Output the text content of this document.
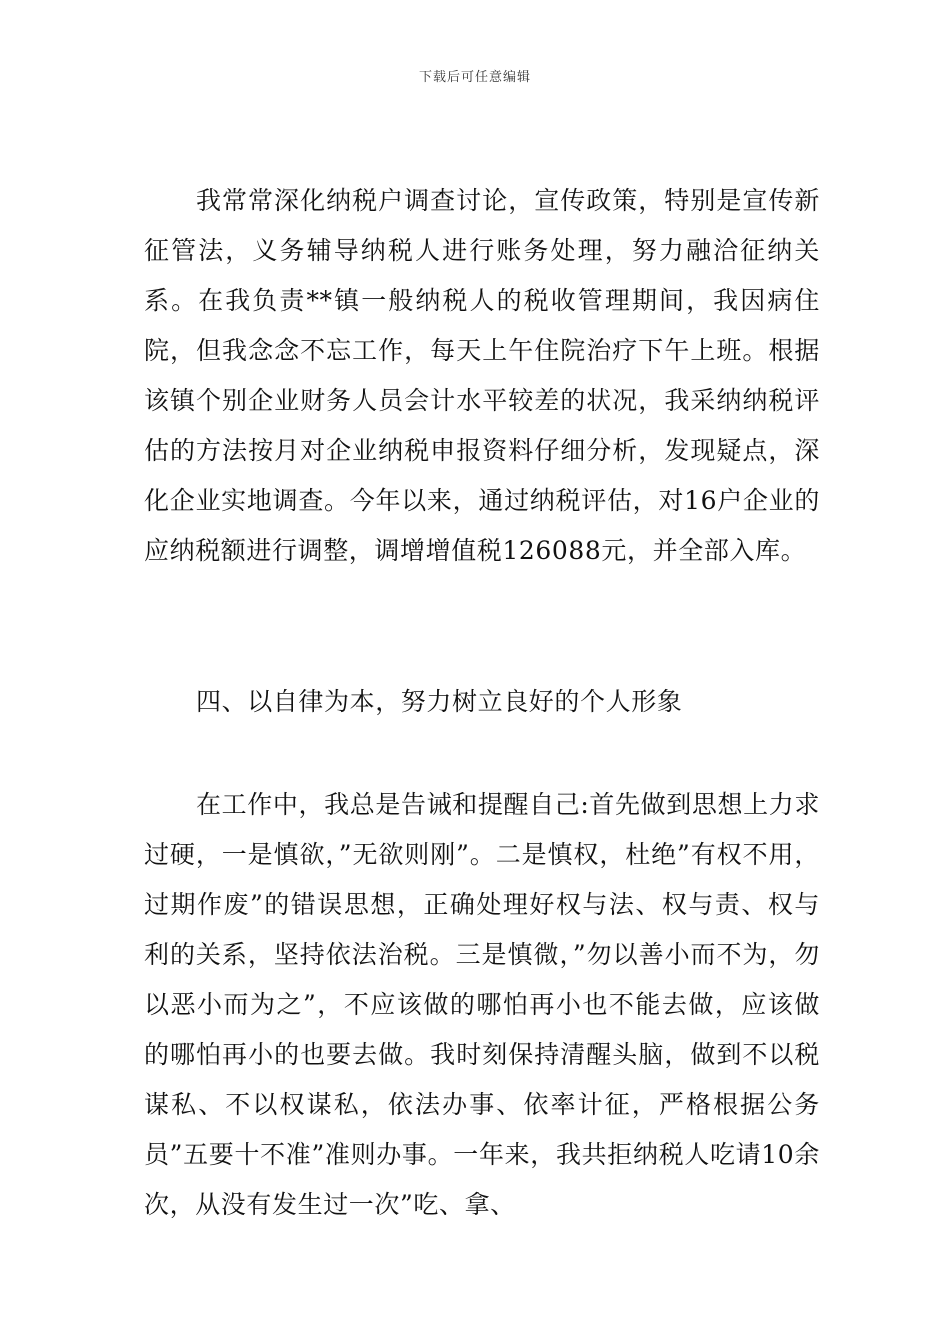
下载后可任意编辑

我常常深化纳税户调查讨论，宣传政策，特别是宣传新征管法，义务辅导纳税人进行账务处理，努力融洽征纳关系。在我负责**镇一般纳税人的税收管理期间，我因病住院，但我念念不忘工作，每天上午住院治疗下午上班。根据该镇个别企业财务人员会计水平较差的状况，我采纳纳税评估的方法按月对企业纳税申报资料仔细分析，发现疑点，深化企业实地调查。今年以来，通过纳税评估，对16户企业的应纳税额进行调整，调增增值税126088元，并全部入库。

四、以自律为本，努力树立良好的个人形象

在工作中，我总是告诫和提醒自己:首先做到思想上力求过硬，一是慎欲，”无欲则刚”。二是慎权，杜绝”有权不用，过期作废”的错误思想，正确处理好权与法、权与责、权与利的关系，坚持依法治税。三是慎微，”勿以善小而不为，勿以恶小而为之”，不应该做的哪怕再小也不能去做，应该做的哪怕再小的也要去做。我时刻保持清醒头脑，做到不以税谋私、不以权谋私，依法办事、依率计征，严格根据公务员”五要十不准”准则办事。一年来，我共拒纳税人吃请10余次，从没有发生过一次”吃、拿、
